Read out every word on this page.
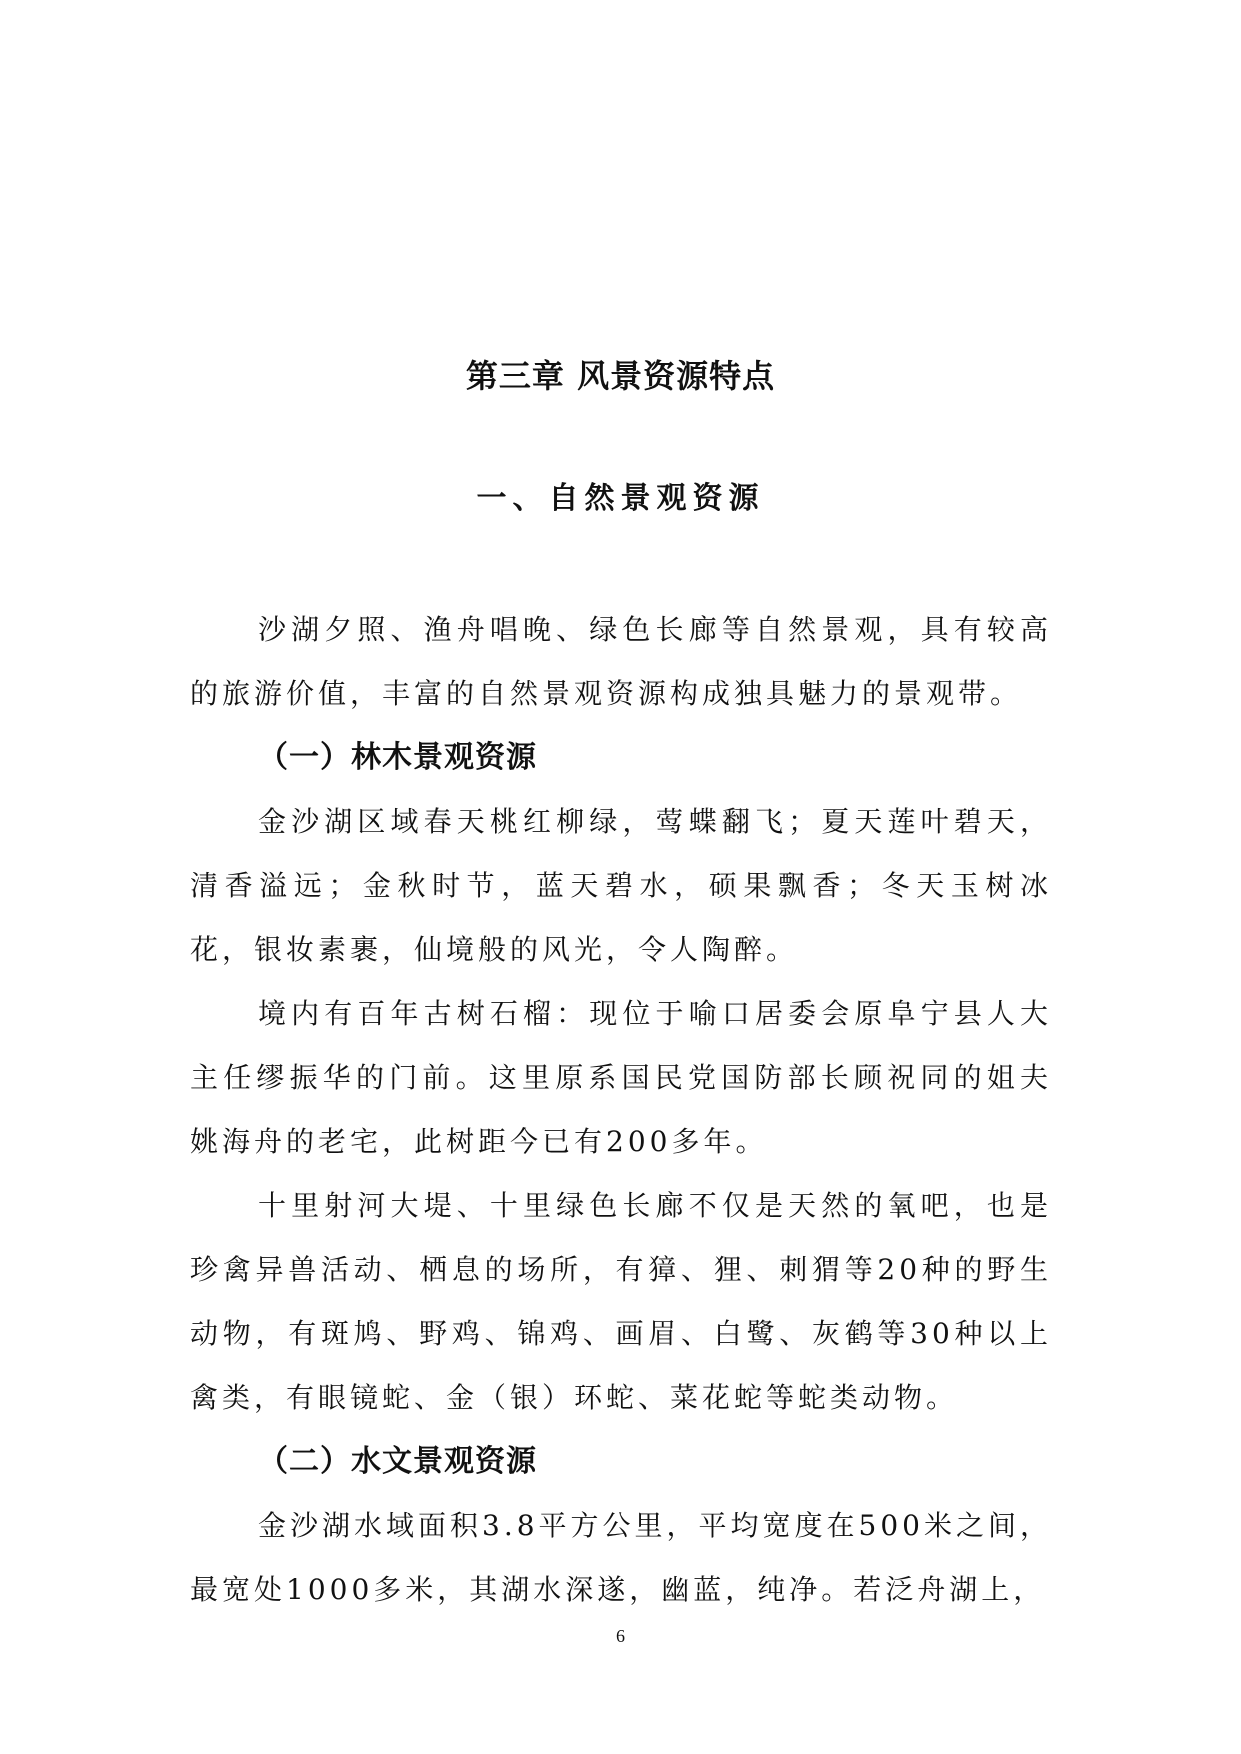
第三章 风景资源特点
一、自然景观资源

沙湖夕照、渔舟唱晚、绿色长廊等自然景观，具有较高的旅游价值，丰富的自然景观资源构成独具魅力的景观带。

（一）林木景观资源

金沙湖区域春天桃红柳绿，莺蝶翻飞；夏天莲叶碧天，清香溢远；金秋时节，蓝天碧水，硕果飘香；冬天玉树冰花，银妆素裹，仙境般的风光，令人陶醉。

境内有百年古树石榴：现位于喻口居委会原阜宁县人大主任缪振华的门前。这里原系国民党国防部长顾祝同的姐夫姚海舟的老宅，此树距今已有200多年。

十里射河大堤、十里绿色长廊不仅是天然的氧吧，也是珍禽异兽活动、栖息的场所，有獐、狸、刺猬等20种的野生动物，有斑鸠、野鸡、锦鸡、画眉、白鹭、灰鹤等30种以上禽类，有眼镜蛇、金（银）环蛇、菜花蛇等蛇类动物。

（二）水文景观资源

金沙湖水域面积3.8平方公里，平均宽度在500米之间，最宽处1000多米，其湖水深遂，幽蓝，纯净。若泛舟湖上，

6
